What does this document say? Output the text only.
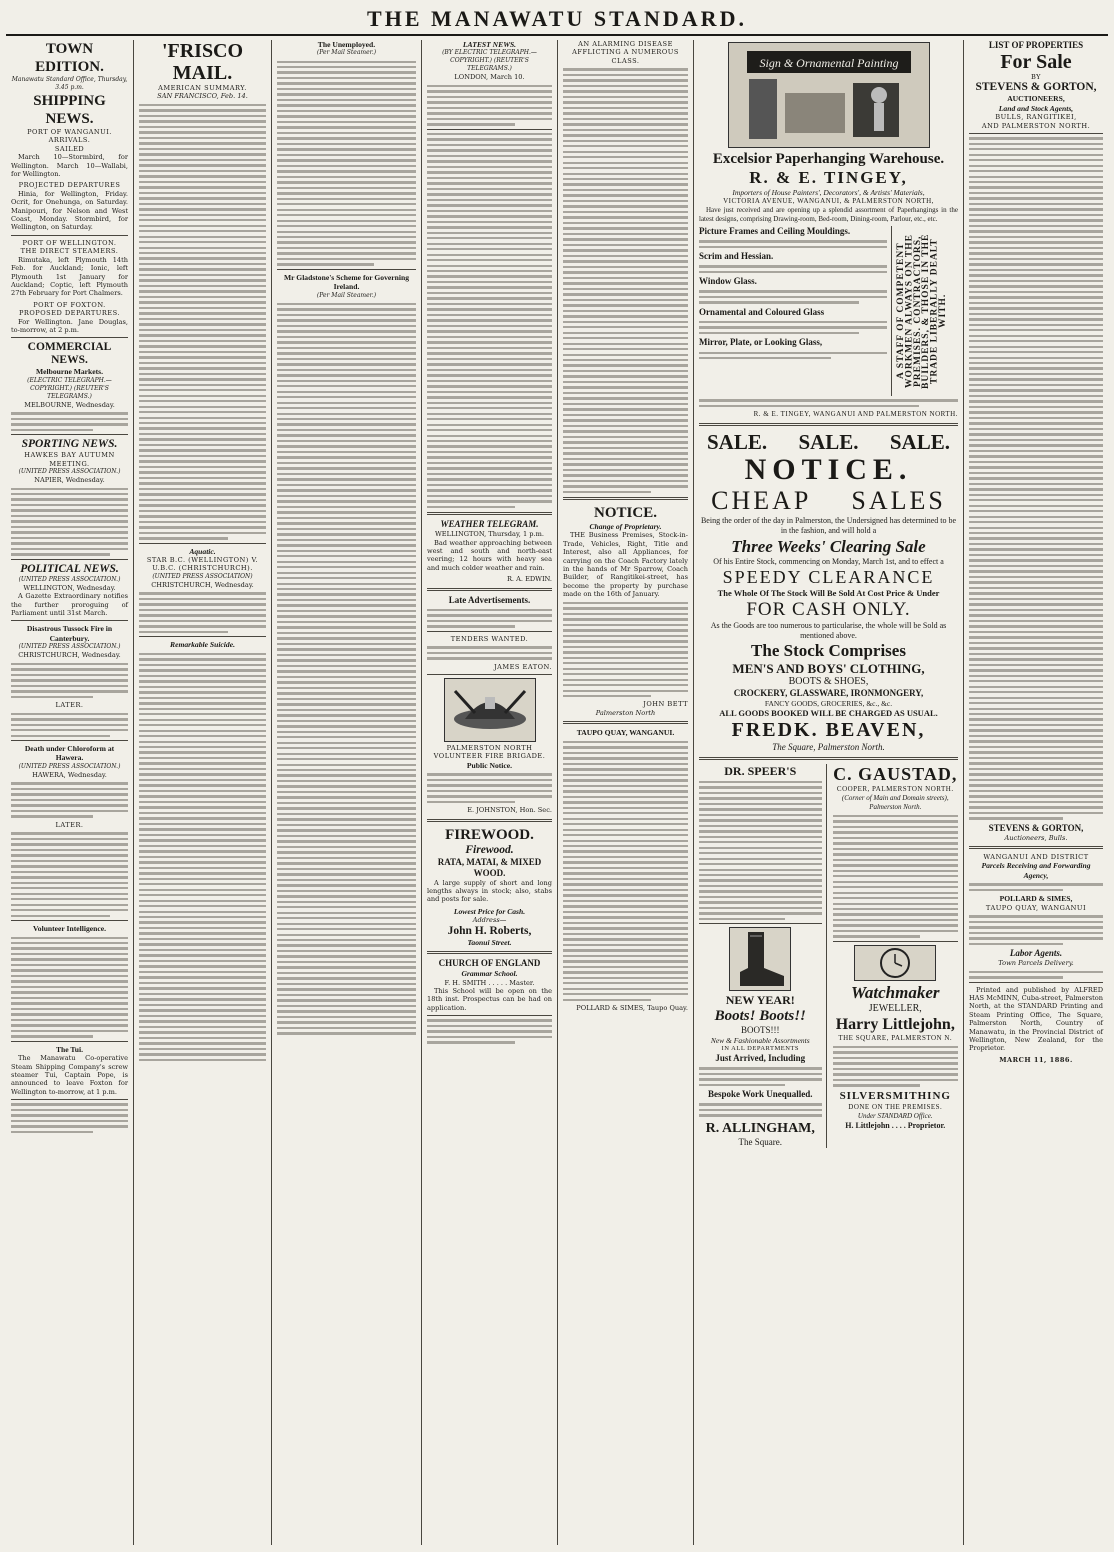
THE MANAWATU STANDARD.
TOWN EDITION.
Manawatu Standard Office, Thursday, 3.45 p.m.
SHIPPING NEWS.
PORT OF WANGANUI.
ARRIVALS.
SAILED

March 10—Stormbird, for Wellington. March 10—Wallabi, for Wellington.

PROJECTED DEPARTURES

Hinia, for Wellington, Friday. Ocrit, for Onehunga, on Saturday. Manipouri, for Nelson and West Coast, Monday. Stormbird, for Wellington, on Saturday.

PORT OF WELLINGTON.
THE DIRECT STEAMERS.

Rimutaka, left Plymouth 14th Feb. for Auckland; Ionic, left Plymouth 1st January for Auckland; Coptic, left Plymouth 27th February for Port Chalmers.

PORT OF FOXTON.
PROPOSED DEPARTURES.

For Wellington. Jane Douglas, to-morrow, at 2 p.m.

COMMERCIAL NEWS.
Melbourne Markets.
(ELECTRIC TELEGRAPH.—COPYRIGHT.) (REUTER'S TELEGRAMS.)
MELBOURNE, Wednesday.
SPORTING NEWS.
HAWKES BAY AUTUMN MEETING.
(UNITED PRESS ASSOCIATION.)
NAPIER, Wednesday.
POLITICAL NEWS.
(UNITED PRESS ASSOCIATION.)
WELLINGTON, Wednesday.

A Gazette Extraordinary notifies the further proroguing of Parliament until 31st March.

Disastrous Tussock Fire in Canterbury.
(UNITED PRESS ASSOCIATION.)
CHRISTCHURCH, Wednesday.
LATER.
Death under Chloroform at Hawera.
(UNITED PRESS ASSOCIATION.)
HAWERA, Wednesday.
LATER.
Volunteer Intelligence.
The Tui.

The Manawatu Co-operative Steam Shipping Company's screw steamer Tui, Captain Pope, is announced to leave Foxton for Wellington to-morrow, at 1 p.m.

'FRISCO MAIL.
AMERICAN SUMMARY.
SAN FRANCISCO, Feb. 14.
Aquatic.
STAR B.C. (WELLINGTON) V. U.B.C. (CHRISTCHURCH).
(UNITED PRESS ASSOCIATION)
CHRISTCHURCH, Wednesday.
Remarkable Suicide.
The Unemployed.
(Per Mail Steamer.)
Mr Gladstone's Scheme for Governing Ireland.
(Per Mail Steamer.)
LATEST NEWS.
(BY ELECTRIC TELEGRAPH.—COPYRIGHT.) (REUTER'S TELEGRAMS.)
LONDON, March 10.
WEATHER TELEGRAM.
WELLINGTON, Thursday, 1 p.m.

Bad weather approaching between west and south and north-east veering; 12 hours with heavy sea and much colder weather and rain.

R. A. EDWIN.
Late Advertisements.
TENDERS WANTED.
JAMES EATON.
PALMERSTON NORTH VOLUNTEER FIRE BRIGADE.
Public Notice.
E. JOHNSTON, Hon. Sec.
FIREWOOD.
Firewood.
RATA, MATAI, & MIXED WOOD.

A large supply of short and long lengths always in stock; also, stabs and posts for sale.

Lowest Price for Cash.
Address—
John H. Roberts,
Taonui Street.
CHURCH OF ENGLAND
Grammar School.
F. H. SMITH . . . . . Master.

This School will be open on the 18th inst. Prospectus can be had on application.

AN ALARMING DISEASE AFFLICTING A NUMEROUS CLASS.
NOTICE.
Change of Proprietary.

THE Business Premises, Stock-in-Trade, Vehicles, Right, Title and Interest, also all Appliances, for carrying on the Coach Factory lately in the hands of Mr Sparrow, Coach Builder, of Rangitikei-street, has become the property by purchase made on the 16th of January.

JOHN BETT
Palmerston North
TAUPO QUAY, WANGANUI.
POLLARD & SIMES, Taupo Quay.
Sign & Ornamental Painting
Excelsior Paperhanging Warehouse.
R. & E. TINGEY,
Importers of House Painters', Decorators', & Artists' Materials,
VICTORIA AVENUE, WANGANUI, & PALMERSTON NORTH,

Have just received and are opening up a splendid assortment of Paperhangings in the latest designs, comprising Drawing-room, Bed-room, Dining-room, Parlour, etc., etc.

Picture Frames and Ceiling Mouldings.
Scrim and Hessian.
Window Glass.
Ornamental and Coloured Glass
Mirror, Plate, or Looking Glass,	A STAFF OF COMPETENT WORKMEN ALWAYS ON THE PREMISES. CONTRACTORS, BUILDERS, & THOSE IN THE TRADE LIBERALLY DEALT WITH.
R. & E. TINGEY, WANGANUI AND PALMERSTON NORTH.
SALE. SALE. SALE.
NOTICE.
CHEAP SALES
Being the order of the day in Palmerston, the Undersigned has determined to be in the fashion, and will hold a
Three Weeks' Clearing Sale
Of his Entire Stock, commencing on Monday, March 1st, and to effect a
SPEEDY CLEARANCE
The Whole Of The Stock Will Be Sold At Cost Price & Under
FOR CASH ONLY.
As the Goods are too numerous to particularise, the whole will be Sold as mentioned above.
The Stock Comprises
MEN'S AND BOYS' CLOTHING,
BOOTS & SHOES,
CROCKERY, GLASSWARE, IRONMONGERY,
FANCY GOODS, GROCERIES, &c., &c.
ALL GOODS BOOKED WILL BE CHARGED AS USUAL.
FREDK. BEAVEN,
The Square, Palmerston North.
DR. SPEER'S
NEW YEAR!
Boots! Boots!!
BOOTS!!!
New & Fashionable Assortments
IN ALL DEPARTMENTS
Just Arrived, Including
Bespoke Work Unequalled.
R. ALLINGHAM,
The Square.
C. GAUSTAD,
COOPER, PALMERSTON NORTH.
(Corner of Main and Domain streets),
Palmerston North.
Watchmaker
JEWELLER,
Harry Littlejohn,
THE SQUARE, PALMERSTON N.
SILVERSMITHING
DONE ON THE PREMISES.
Under STANDARD Office.
H. Littlejohn . . . . Proprietor.
LIST OF PROPERTIES
For Sale
BY
STEVENS & GORTON,
AUCTIONEERS,
Land and Stock Agents,
BULLS, RANGITIKEI,
AND PALMERSTON NORTH.
STEVENS & GORTON,
Auctioneers, Bulls.
WANGANUI AND DISTRICT
Parcels Receiving and Forwarding Agency,
POLLARD & SIMES,
TAUPO QUAY, WANGANUI
Labor Agents.
Town Parcels Delivery.

Printed and published by ALFRED HAS McMINN, Cuba-street, Palmerston North, at the STANDARD Printing and Steam Printing Office, The Square, Palmerston North, Country of Manawatu, in the Provincial District of Wellington, New Zealand, for the Proprietor.

MARCH 11, 1886.
